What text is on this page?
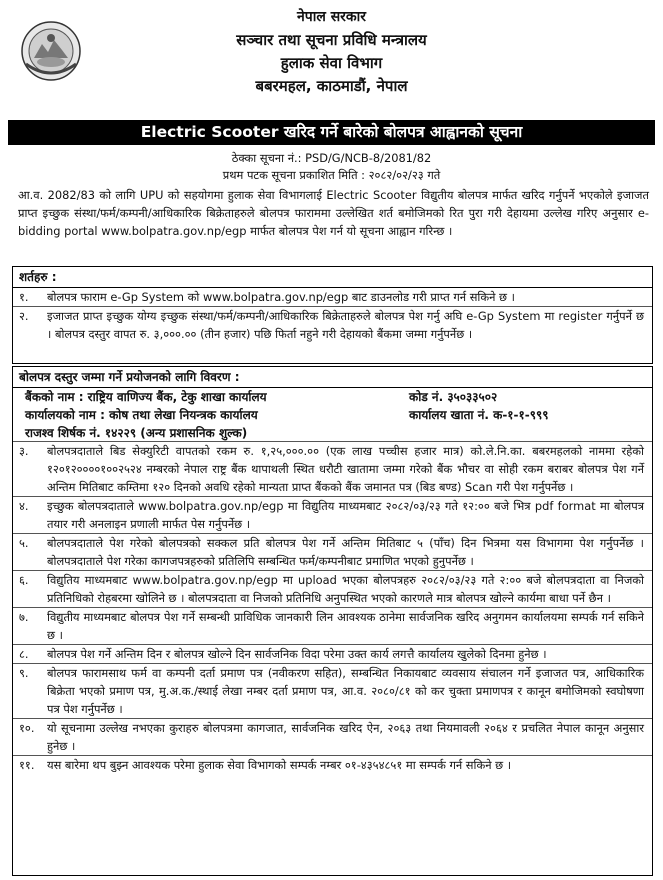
नेपाल सरकार
सञ्चार तथा सूचना प्रविधि मन्त्रालय
हुलाक सेवा विभाग
बबरमहल, काठमाडौं, नेपाल
Electric Scooter खरिद गर्ने बारेको बोलपत्र आह्वानको सूचना
ठेक्का सूचना नं.: PSD/G/NCB-8/2081/82
प्रथम पटक सूचना प्रकाशित मिति : २०८२/०२/२३ गते
आ.व. 2082/83 को लागि UPU को सहयोगमा हुलाक सेवा विभागलाई Electric Scooter विद्युतीय बोलपत्र मार्फत खरिद गर्नुपर्ने भएकोले इजाजत प्राप्त इच्छुक संस्था/फर्म/कम्पनी/आधिकारिक बिक्रेताहरुले बोलपत्र फाराममा उल्लेखित शर्त बमोजिमको रित पुरा गरी देहायमा उल्लेख गरिए अनुसार e-bidding portal www.bolpatra.gov.np/egp मार्फत बोलपत्र पेश गर्न यो सूचना आह्वान गरिन्छ ।
शर्तहरु :
१.	बोलपत्र फाराम e-Gp System को www.bolpatra.gov.np/egp बाट डाउनलोड गरी प्राप्त गर्न सकिने छ ।
२.	इजाजत प्राप्त इच्छुक योग्य इच्छुक संस्था/फर्म/कम्पनी/आधिकारिक बिक्रेताहरुले बोलपत्र पेश गर्नु अघि e-Gp System मा register गर्नुपर्ने छ । बोलपत्र दस्तुर वापत रु. ३,०००.०० (तीन हजार) पछि फिर्ता नहुने गरी देहायको बैंकमा जम्मा गर्नुपर्नेछ ।
बोलपत्र दस्तुर जम्मा गर्ने प्रयोजनको लागि विवरण :
बैंकको नाम : राष्ट्रिय वाणिज्य बैंक, टेकु शाखा कार्यालय	कोड नं. ३५०३३५०२
कार्यालयको नाम : कोष तथा लेखा नियन्त्रक कार्यालय	कार्यालय खाता नं. क-१-१-९९९
राजश्व शिर्षक नं. १४२२९ (अन्य प्रशासनिक शुल्क)
३.	बोलपत्रदाताले बिड सेक्युरिटी वापतको रकम रु. १,२५,०००.०० (एक लाख पच्चीस हजार मात्र) को.ले.नि.का. बबरमहलको नाममा रहेको १२०१२००००१००२५२४ नम्बरको नेपाल राष्ट्र बैंक थापाथली स्थित धरौटी खातामा जम्मा गरेको बैंक भौचर वा सोही रकम बराबर बोलपत्र पेश गर्ने अन्तिम मितिबाट कम्तिमा १२० दिनको अवधि रहेको मान्यता प्राप्त बैंकको बैंक जमानत पत्र (बिड बण्ड) Scan गरी पेश गर्नुपर्नेछ ।
४.	इच्छुक बोलपत्रदाताले www.bolpatra.gov.np/egp मा विद्युतिय माध्यमबाट २०८२/०३/२३ गते १२:०० बजे भित्र pdf format मा बोलपत्र तयार गरी अनलाइन प्रणाली मार्फत पेस गर्नुपर्नेछ ।
५.	बोलपत्रदाताले पेश गरेको बोलपत्रको सक्कल प्रति बोलपत्र पेश गर्ने अन्तिम मितिबाट ५ (पाँच) दिन भित्रमा यस विभागमा पेश गर्नुपर्नेछ । बोलपत्रदाताले पेश गरेका कागजपत्रहरुको प्रतिलिपि सम्बन्धित फर्म/कम्पनीबाट प्रमाणित भएको हुनुपर्नेछ ।
६.	विद्युतिय माध्यमबाट www.bolpatra.gov.np/egp मा upload भएका बोलपत्रहरु २०८२/०३/२३ गते २:०० बजे बोलपत्रदाता वा निजको प्रतिनिधिको रोहबरमा खोलिने छ । बोलपत्रदाता वा निजको प्रतिनिधि अनुपस्थित भएको कारणले मात्र बोलपत्र खोल्ने कार्यमा बाधा पर्ने छैन ।
७.	विद्युतीय माध्यमबाट बोलपत्र पेश गर्ने सम्बन्धी प्राविधिक जानकारी लिन आवश्यक ठानेमा सार्वजनिक खरिद अनुगमन कार्यालयमा सम्पर्क गर्न सकिने छ ।
८.	बोलपत्र पेश गर्ने अन्तिम दिन र बोलपत्र खोल्ने दिन सार्वजनिक विदा परेमा उक्त कार्य लगत्तै कार्यालय खुलेको दिनमा हुनेछ ।
९.	बोलपत्र फारामसाथ फर्म वा कम्पनी दर्ता प्रमाण पत्र (नवीकरण सहित), सम्बन्धित निकायबाट व्यवसाय संचालन गर्ने इजाजत पत्र, आधिकारिक बिक्रेता भएको प्रमाण पत्र, मु.अ.क./स्थाई लेखा नम्बर दर्ता प्रमाण पत्र, आ.व. २०८०/८१ को कर चुक्ता प्रमाणपत्र र कानून बमोजिमको स्वघोषणा पत्र पेश गर्नुपर्नेछ ।
१०.	यो सूचनामा उल्लेख नभएका कुराहरु बोलपत्रमा कागजात, सार्वजनिक खरिद ऐन, २०६३ तथा नियमावली २०६४ र प्रचलित नेपाल कानून अनुसार हुनेछ ।
११.	यस बारेमा थप बुझ्न आवश्यक परेमा हुलाक सेवा विभागको सम्पर्क नम्बर ०१-४३५४८५१ मा सम्पर्क गर्न सकिने छ ।
